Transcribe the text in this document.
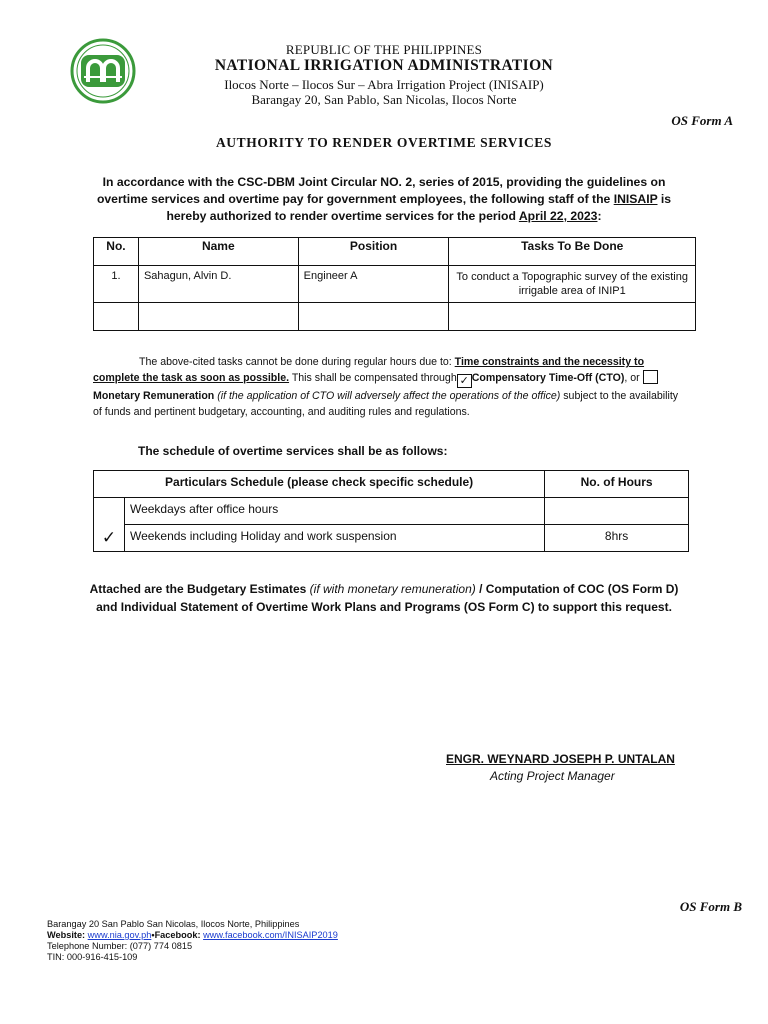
REPUBLIC OF THE PHILIPPINES
NATIONAL IRRIGATION ADMINISTRATION
Ilocos Norte – Ilocos Sur – Abra Irrigation Project (INISAIP)
Barangay 20, San Pablo, San Nicolas, Ilocos Norte
OS Form A
AUTHORITY TO RENDER OVERTIME SERVICES
In accordance with the CSC-DBM Joint Circular NO. 2, series of 2015, providing the guidelines on overtime services and overtime pay for government employees, the following staff of the INISAIP is hereby authorized to render overtime services for the period April 22, 2023:
No.	Name	Position	Tasks To Be Done
1.	Sahagun, Alvin D.	Engineer A	To conduct a Topographic survey of the existing irrigable area of INIP1

The above-cited tasks cannot be done during regular hours due to: Time constraints and the necessity to complete the task as soon as possible. This shall be compensated through ✓ Compensatory Time-Off (CTO), or Monetary Remuneration (if the application of CTO will adversely affect the operations of the office) subject to the availability of funds and pertinent budgetary, accounting, and auditing rules and regulations.
The schedule of overtime services shall be as follows:
Particulars Schedule (please check specific schedule)		No. of Hours
	Weekdays after office hours	
✓	Weekends including Holiday and work suspension	8hrs
Attached are the Budgetary Estimates (if with monetary remuneration) / Computation of COC (OS Form D) and Individual Statement of Overtime Work Plans and Programs (OS Form C) to support this request.
ENGR. WEYNARD JOSEPH P. UNTALAN
Acting Project Manager
OS Form B
Barangay 20 San Pablo San Nicolas, Ilocos Norte, Philippines
Website: www.nia.gov.ph•Facebook: www.facebook.com/INISAIP2019
Telephone Number: (077) 774 0815
TIN: 000-916-415-109
